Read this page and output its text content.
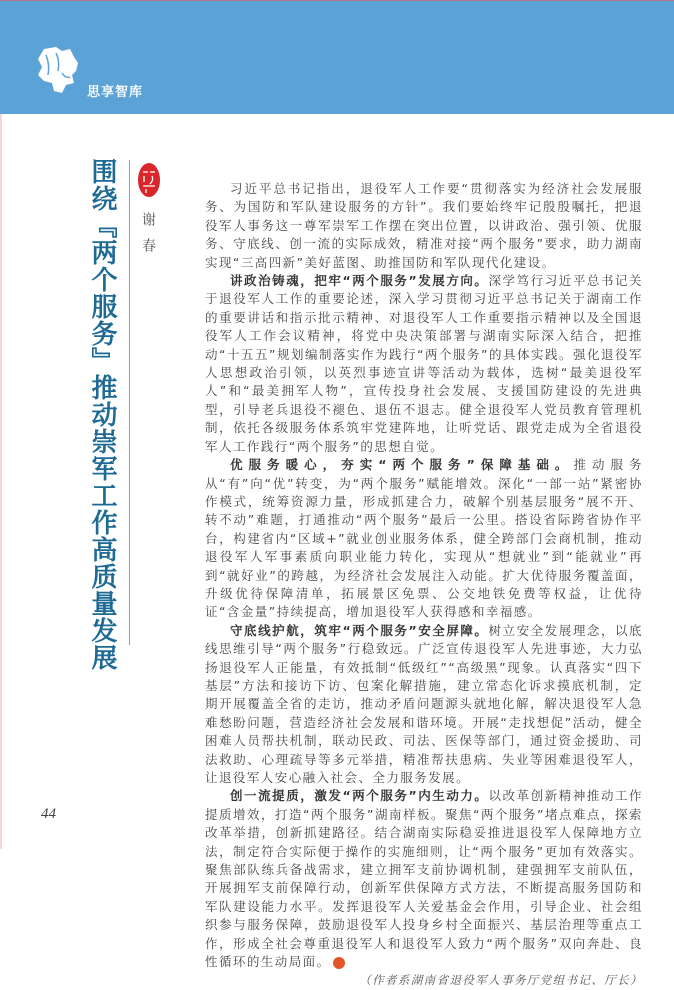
思享智库
围绕『两个服务』推动崇军工作高质量发展 谢春

习近平总书记指出，退役军人工作要“贯彻落实为经济社会发展服务、为国防和军队建设服务的方针”。我们要始终牢记殷殷嘱托，把退役军人事务这一尊军崇军工作摆在突出位置，以讲政治、强引领、优服务、守底线、创一流的实际成效，精准对接“两个服务”要求，助力湖南实现“三高四新”美好蓝图、助推国防和军队现代化建设。

讲政治铸魂，把牢“两个服务”发展方向。深学笃行习近平总书记关于退役军人工作的重要论述，深入学习贯彻习近平总书记关于湖南工作的重要讲话和指示批示精神、对退役军人工作重要指示精神以及全国退役军人工作会议精神，将党中央决策部署与湖南实际深入结合，把推动“十五五”规划编制落实作为践行“两个服务”的具体实践。强化退役军人思想政治引领，以英烈事迹宣讲等活动为载体，选树“最美退役军人”和“最美拥军人物”，宣传投身社会发展、支援国防建设的先进典型，引导老兵退役不褪色、退伍不退志。健全退役军人党员教育管理机制，依托各级服务体系筑牢党建阵地，让听党话、跟党走成为全省退役军人工作践行“两个服务”的思想自觉。

优服务暖心，夯实“两个服务”保障基础。推动服务从“有”向“优”转变，为“两个服务”赋能增效。深化“一部一站”紧密协作模式，统筹资源力量，形成抓建合力，破解个别基层服务“展不开、转不动”难题，打通推动“两个服务”最后一公里。搭设省际跨省协作平台，构建省内“区域+”就业创业服务体系，健全跨部门会商机制，推动退役军人军事素质向职业能力转化，实现从“想就业”到“能就业”再到“就好业”的跨越，为经济社会发展注入动能。扩大优待服务覆盖面，升级优待保障清单，拓展景区免票、公交地铁免费等权益，让优待证“含金量”持续提高，增加退役军人获得感和幸福感。

守底线护航，筑牢“两个服务”安全屏障。树立安全发展理念，以底线思维引导“两个服务”行稳致远。广泛宣传退役军人先进事迹，大力弘扬退役军人正能量，有效抵制“低级红”“高级黑”现象。认真落实“四下基层”方法和接访下访、包案化解措施，建立常态化诉求摸底机制，定期开展覆盖全省的走访，推动矛盾问题源头就地化解，解决退役军人急难愁盼问题，营造经济社会发展和谐环境。开展“走找想促”活动，健全困难人员帮扶机制，联动民政、司法、医保等部门，通过资金援助、司法救助、心理疏导等多元举措，精准帮扶患病、失业等困难退役军人，让退役军人安心融入社会、全力服务发展。

创一流提质，激发“两个服务”内生动力。以改革创新精神推动工作提质增效，打造“两个服务”湖南样板。聚焦“两个服务”堵点难点，探索改革举措，创新抓建路径。结合湖南实际稳妥推进退役军人保障地方立法，制定符合实际便于操作的实施细则，让“两个服务”更加有效落实。聚焦部队练兵备战需求，建立拥军支前协调机制，建强拥军支前队伍，开展拥军支前保障行动，创新军供保障方式方法，不断提高服务国防和军队建设能力水平。发挥退役军人关爱基金会作用，引导企业、社会组织参与服务保障，鼓励退役军人投身乡村全面振兴、基层治理等重点工作，形成全社会尊重退役军人和退役军人致力“两个服务”双向奔赴、良性循环的生动局面。

（作者系湖南省退役军人事务厅党组书记、厅长）
44
